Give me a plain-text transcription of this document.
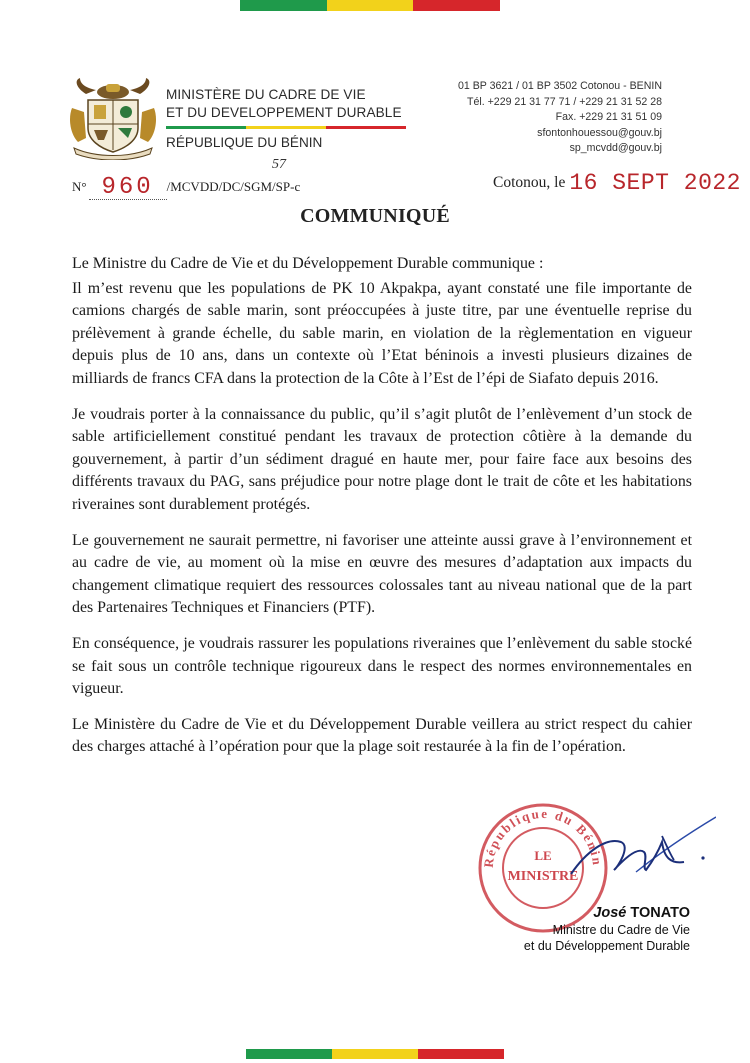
MINISTÈRE DU CADRE DE VIE
ET DU DEVELOPPEMENT DURABLE
RÉPUBLIQUE DU BÉNIN
01 BP 3621 / 01 BP 3502 Cotonou - BENIN
Tél. +229 21 31 77 71 / +229 21 31 52 28
Fax. +229 21 31 51 09
sfontonhouessou@gouv.bj
sp_mcvdd@gouv.bj
N° 960 /MCVDD/DC/SGM/SP-c
57
Cotonou, le 16 SEPT 2022
COMMUNIQUÉ

Le Ministre du Cadre de Vie et du Développement Durable communique :

Il m’est revenu que les populations de PK 10 Akpakpa, ayant constaté une file importante de camions chargés de sable marin, sont préoccupées à juste titre, par une éventuelle reprise du prélèvement à grande échelle, du sable marin, en violation de la règlementation en vigueur depuis plus de 10 ans, dans un contexte où l’Etat béninois a investi plusieurs dizaines de milliards de francs CFA dans la protection de la Côte à l’Est de l’épi de Siafato depuis 2016.

Je voudrais porter à la connaissance du public, qu’il s’agit plutôt de l’enlèvement d’un stock de sable artificiellement constitué pendant les travaux de protection côtière à la demande du gouvernement, à partir d’un sédiment dragué en haute mer, pour faire face aux besoins des différents travaux du PAG, sans préjudice pour notre plage dont le trait de côte et les habitations riveraines sont durablement protégés.

Le gouvernement ne saurait permettre, ni favoriser une atteinte aussi grave à l’environnement et au cadre de vie, au moment où la mise en œuvre des mesures d’adaptation aux impacts du changement climatique requiert des ressources colossales tant au niveau national que de la part des Partenaires Techniques et Financiers (PTF).

En conséquence, je voudrais rassurer les populations riveraines que l’enlèvement du sable stocké se fait sous un contrôle technique rigoureux dans le respect des normes environnementales en vigueur.

Le Ministère du Cadre de Vie et du Développement Durable veillera au strict respect du cahier des charges attaché à l’opération pour que la plage soit restaurée à la fin de l’opération.

République du Bénin
LE
MINISTRE
José TONATO
Ministre du Cadre de Vie
et du Développement Durable
